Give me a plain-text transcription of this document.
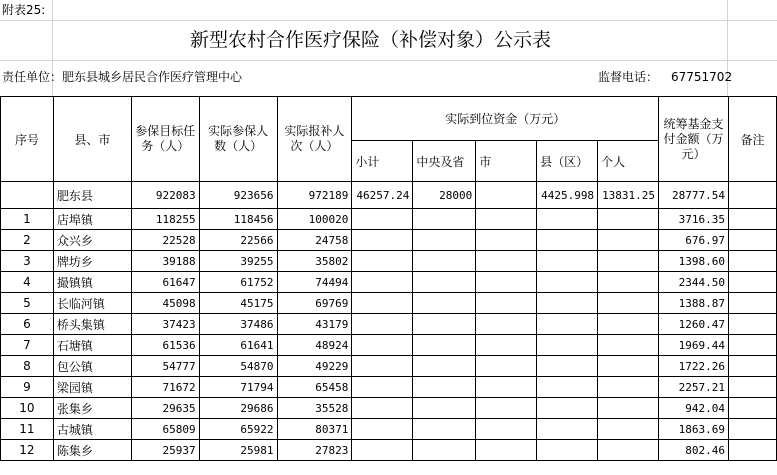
附表25:
新型农村合作医疗保险（补偿对象）公示表
责任单位：肥东县城乡居民合作医疗管理中心	监督电话： 67751702
序号	县、市	参保目标任务（人）	实际参保人数（人）	实际报补人次（人）	实际到位资金（万元）					统筹基金支付金额（万元）	备注
					小计	中央及省	市	县（区）	个人		
	肥东县	922083	923656	972189	46257.24	28000		4425.998	13831.25	28777.54	
1	店埠镇	118255	118456	100020						3716.35	
2	众兴乡	22528	22566	24758						676.97	
3	牌坊乡	39188	39255	35802						1398.60	
4	撮镇镇	61647	61752	74494						2344.50	
5	长临河镇	45098	45175	69769						1388.87	
6	桥头集镇	37423	37486	43179						1260.47	
7	石塘镇	61536	61641	48924						1969.44	
8	包公镇	54777	54870	49229						1722.26	
9	梁园镇	71672	71794	65458						2257.21	
10	张集乡	29635	29686	35528						942.04	
11	古城镇	65809	65922	80371						1863.69	
12	陈集乡	25937	25981	27823						802.46	
